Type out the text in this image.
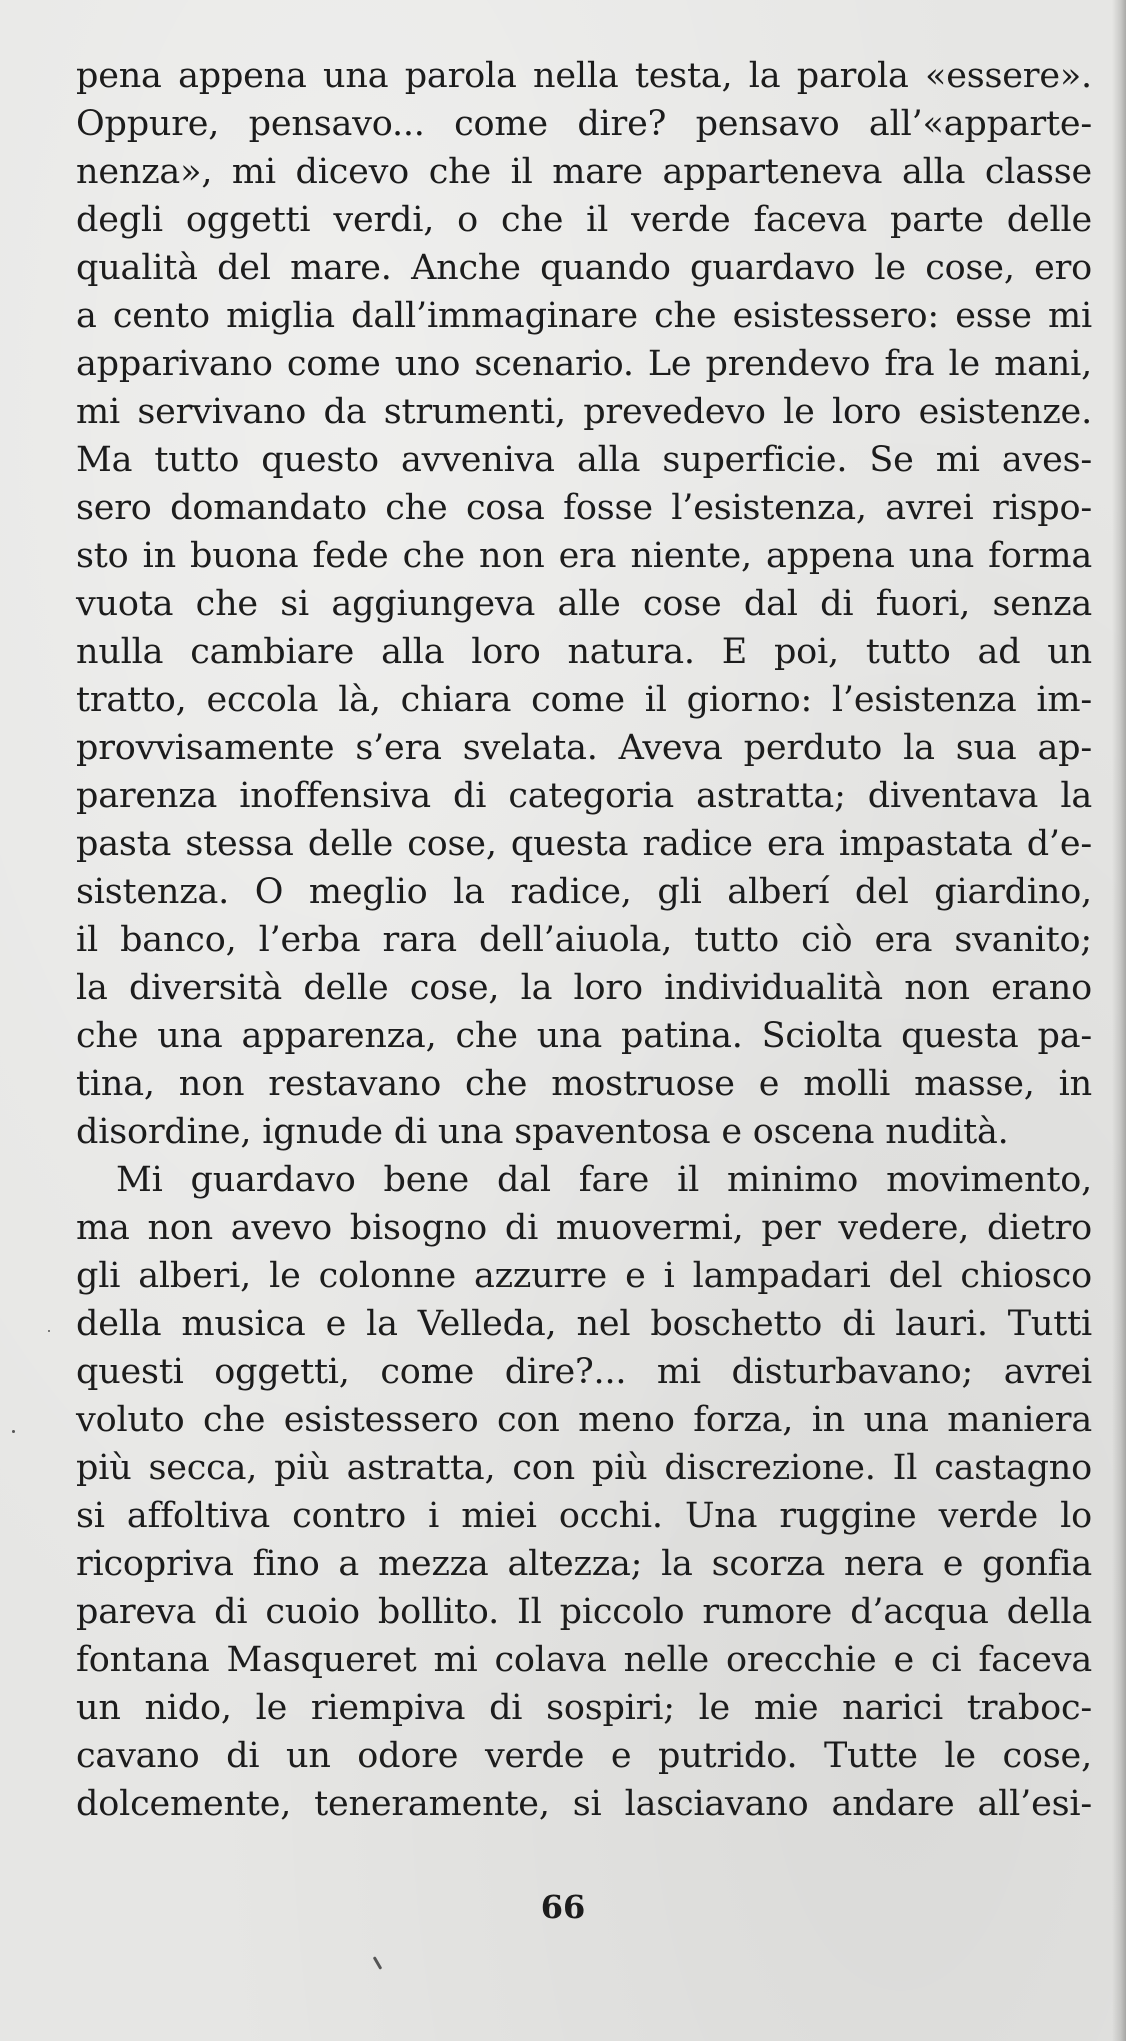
pena appena una parola nella testa, la parola «essere».
Oppure, pensavo... come dire? pensavo all’«apparte-
nenza», mi dicevo che il mare apparteneva alla classe
degli oggetti verdi, o che il verde faceva parte delle
qualità del mare. Anche quando guardavo le cose, ero
a cento miglia dall’immaginare che esistessero: esse mi
apparivano come uno scenario. Le prendevo fra le mani,
mi servivano da strumenti, prevedevo le loro esistenze.
Ma tutto questo avveniva alla superficie. Se mi aves-
sero domandato che cosa fosse l’esistenza, avrei rispo-
sto in buona fede che non era niente, appena una forma
vuota che si aggiungeva alle cose dal di fuori, senza
nulla cambiare alla loro natura. E poi, tutto ad un
tratto, eccola là, chiara come il giorno: l’esistenza im-
provvisamente s’era svelata. Aveva perduto la sua ap-
parenza inoffensiva di categoria astratta; diventava la
pasta stessa delle cose, questa radice era impastata d’e-
sistenza. O meglio la radice, gli alberí del giardino,
il banco, l’erba rara dell’aiuola, tutto ciò era svanito;
la diversità delle cose, la loro individualità non erano
che una apparenza, che una patina. Sciolta questa pa-
tina, non restavano che mostruose e molli masse, in
disordine, ignude di una spaventosa e oscena nudità.
Mi guardavo bene dal fare il minimo movimento,
ma non avevo bisogno di muovermi, per vedere, dietro
gli alberi, le colonne azzurre e i lampadari del chiosco
della musica e la Velleda, nel boschetto di lauri. Tutti
questi oggetti, come dire?... mi disturbavano; avrei
voluto che esistessero con meno forza, in una maniera
più secca, più astratta, con più discrezione. Il castagno
si affoltiva contro i miei occhi. Una ruggine verde lo
ricopriva fino a mezza altezza; la scorza nera e gonfia
pareva di cuoio bollito. Il piccolo rumore d’acqua della
fontana Masqueret mi colava nelle orecchie e ci faceva
un nido, le riempiva di sospiri; le mie narici traboc-
cavano di un odore verde e putrido. Tutte le cose,
dolcemente, teneramente, si lasciavano andare all’esi-
66
